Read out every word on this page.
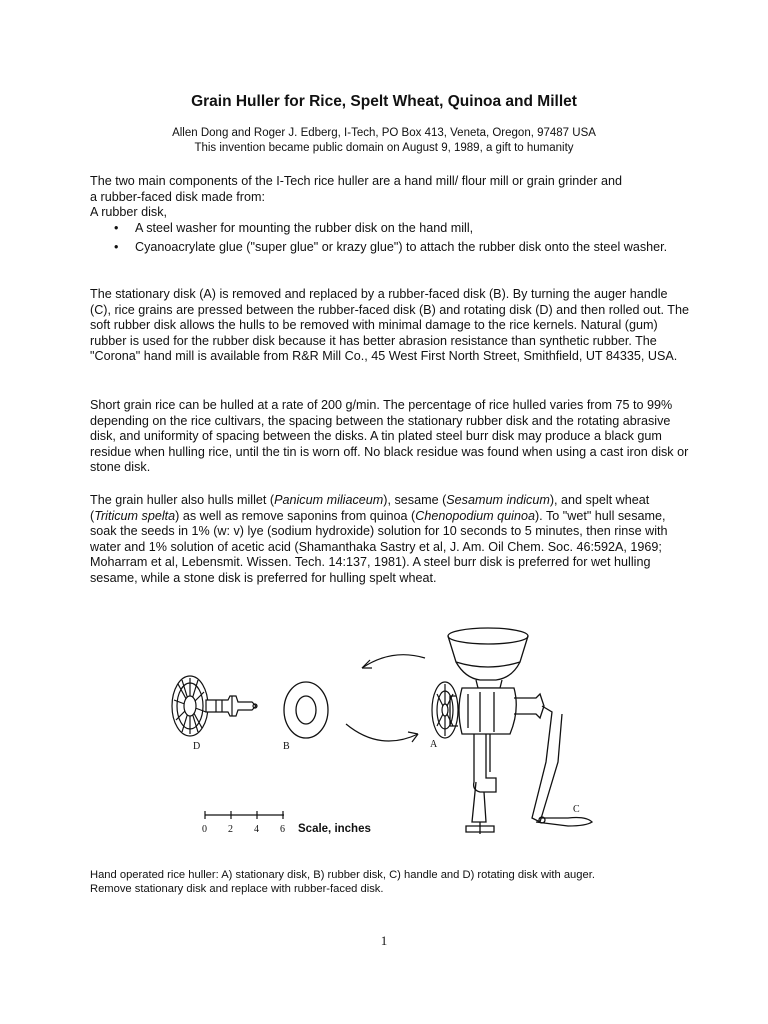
Grain Huller for Rice, Spelt Wheat, Quinoa and Millet
Allen Dong and Roger J. Edberg, I-Tech, PO Box 413, Veneta, Oregon, 97487 USA
This invention became public domain on August 9, 1989, a gift to humanity
The two main components of the I-Tech rice huller are a hand mill/ flour mill or grain grinder and
a rubber-faced disk made from:
A rubber disk,
• A steel washer for mounting the rubber disk on the hand mill,
• Cyanoacrylate glue ("super glue" or krazy glue") to attach the rubber disk onto the steel washer.

The stationary disk (A) is removed and replaced by a rubber-faced disk (B). By turning the auger handle (C), rice grains are pressed between the rubber-faced disk (B) and rotating disk (D) and then rolled out. The soft rubber disk allows the hulls to be removed with minimal damage to the rice kernels. Natural (gum) rubber is used for the rubber disk because it has better abrasion resistance than synthetic rubber. The "Corona" hand mill is available from R&R Mill Co., 45 West First North Street, Smithfield, UT 84335, USA.

Short grain rice can be hulled at a rate of 200 g/min. The percentage of rice hulled varies from 75 to 99% depending on the rice cultivars, the spacing between the stationary rubber disk and the rotating abrasive disk, and uniformity of spacing between the disks. A tin plated steel burr disk may produce a black gum residue when hulling rice, until the tin is worn off. No black residue was found when using a cast iron disk or stone disk.

The grain huller also hulls millet (Panicum miliaceum), sesame (Sesamum indicum), and spelt wheat (Triticum spelta) as well as remove saponins from quinoa (Chenopodium quinoa). To "wet" hull sesame, soak the seeds in 1% (w: v) lye (sodium hydroxide) solution for 10 seconds to 5 minutes, then rinse with water and 1% solution of acetic acid (Shamanthaka Sastry et al, J. Am. Oil Chem. Soc. 46:592A, 1969; Moharram et al, Lebensmit. Wissen. Tech. 14:137, 1981). A steel burr disk is preferred for wet hulling sesame, while a stone disk is preferred for hulling spelt wheat.

D	B	A
C
0 2 4 6 Scale, inches
Hand operated rice huller: A) stationary disk, B) rubber disk, C) handle and D) rotating disk with auger.
Remove stationary disk and replace with rubber-faced disk.
1
